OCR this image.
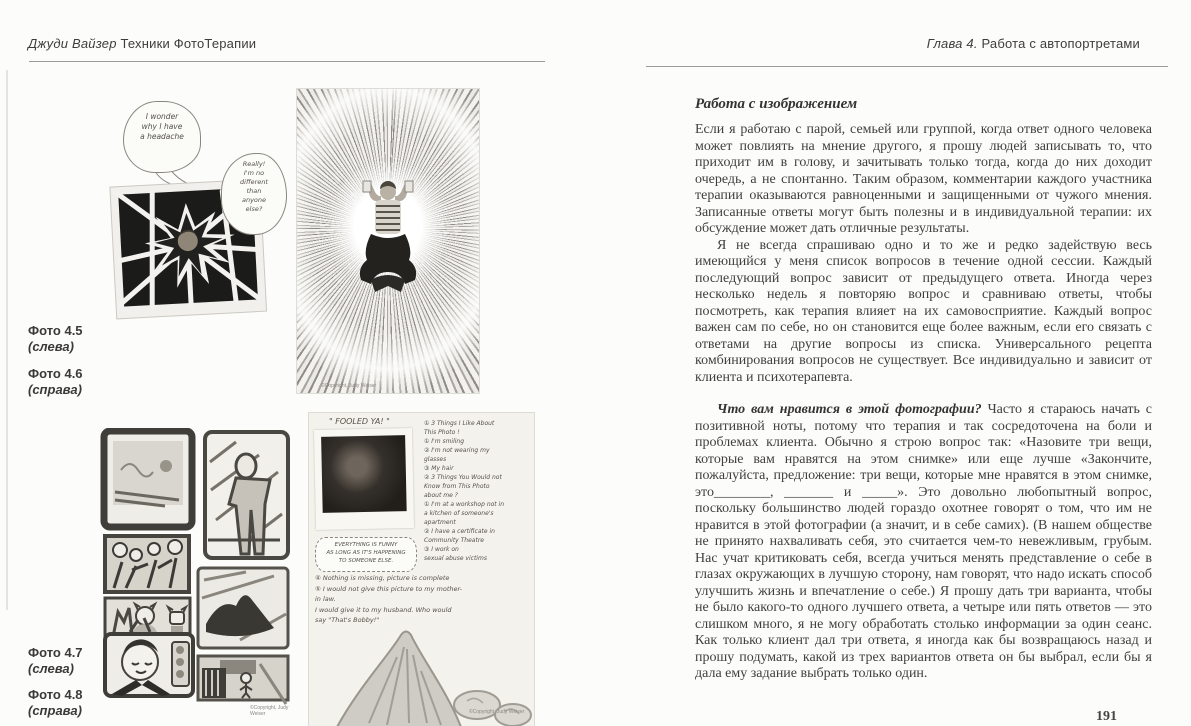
Джуди Вайзер Техники ФотоТерапии
I wonder
why I have
a headache
Really!
I'm no
different
than
anyone
else?
©Copyright, Judy Weiser
Фото 4.5
(слева)
Фото 4.6
(справа)
©Copyright, Judy Weiser
Фото 4.7
(слева)
Фото 4.8
(справа)
" FOOLED YA! "	① 3 Things I Like About
This Photo !
① I'm smiling
② I'm not wearing my
glasses
③ My hair
② 3 Things You Would not
Know from This Photo
about me ?
① I'm at a workshop not in
a kitchen of someone's
apartment
② I have a certificate in
Community Theatre
③ I work on
sexual abuse victims
EVERYTHING IS FUNNY
AS LONG AS IT'S HAPPENING
TO SOMEONE ELSE.
④ Nothing is missing, picture is complete
⑤ I would not give this picture to my mother-
in law.
I would give it to my husband. Who would
say "That's Bobby!"
©Copyright, Judy Weiser
Глава 4. Работа с автопортретами
Работа с изображением

Если я работаю с парой, семьей или группой, когда ответ одного человека может повлиять на мнение другого, я прошу людей записывать то, что приходит им в голову, и зачитывать только тогда, когда до них доходит очередь, а не спонтанно. Таким образом, комментарии каждого участника терапии оказываются равноценными и защищенными от чужого мнения. Записанные ответы могут быть полезны и в индивидуальной терапии: их обсуждение может дать отличные результаты.

Я не всегда спрашиваю одно и то же и редко задействую весь имеющийся у меня список вопросов в течение одной сессии. Каждый последующий вопрос зависит от предыдущего ответа. Иногда через несколько недель я повторяю вопрос и сравниваю ответы, чтобы посмотреть, как терапия влияет на их самовосприятие. Каждый вопрос важен сам по себе, но он становится еще более важным, если его связать с ответами на другие вопросы из списка. Универсального рецепта комбинирования вопросов не существует. Все индивидуально и зависит от клиента и психотерапевта.

Что вам нравится в этой фотографии? Часто я стараюсь начать с позитивной ноты, потому что терапия и так сосредоточена на боли и проблемах клиента. Обычно я строю вопрос так: «Назовите три вещи, которые вам нравятся на этом снимке» или еще лучше «Закончите, пожалуйста, предложение: три вещи, которые мне нравятся в этом снимке, это________, _______ и _____». Это довольно любопытный вопрос, поскольку большинство людей гораздо охотнее говорят о том, что им не нравится в этой фотографии (а значит, и в себе самих). (В нашем обществе не принято нахваливать себя, это считается чем-то невежливым, грубым. Нас учат критиковать себя, всегда учиться менять представление о себе в глазах окружающих в лучшую сторону, нам говорят, что надо искать способ улучшить жизнь и впечатление о себе.) Я прошу дать три варианта, чтобы не было какого-то одного лучшего ответа, а четыре или пять ответов — это слишком много, я не могу обработать столько информации за один сеанс. Как только клиент дал три ответа, я иногда как бы возвращаюсь назад и прошу подумать, какой из трех вариантов ответа он бы выбрал, если бы я дала ему задание выбрать только один.

191
